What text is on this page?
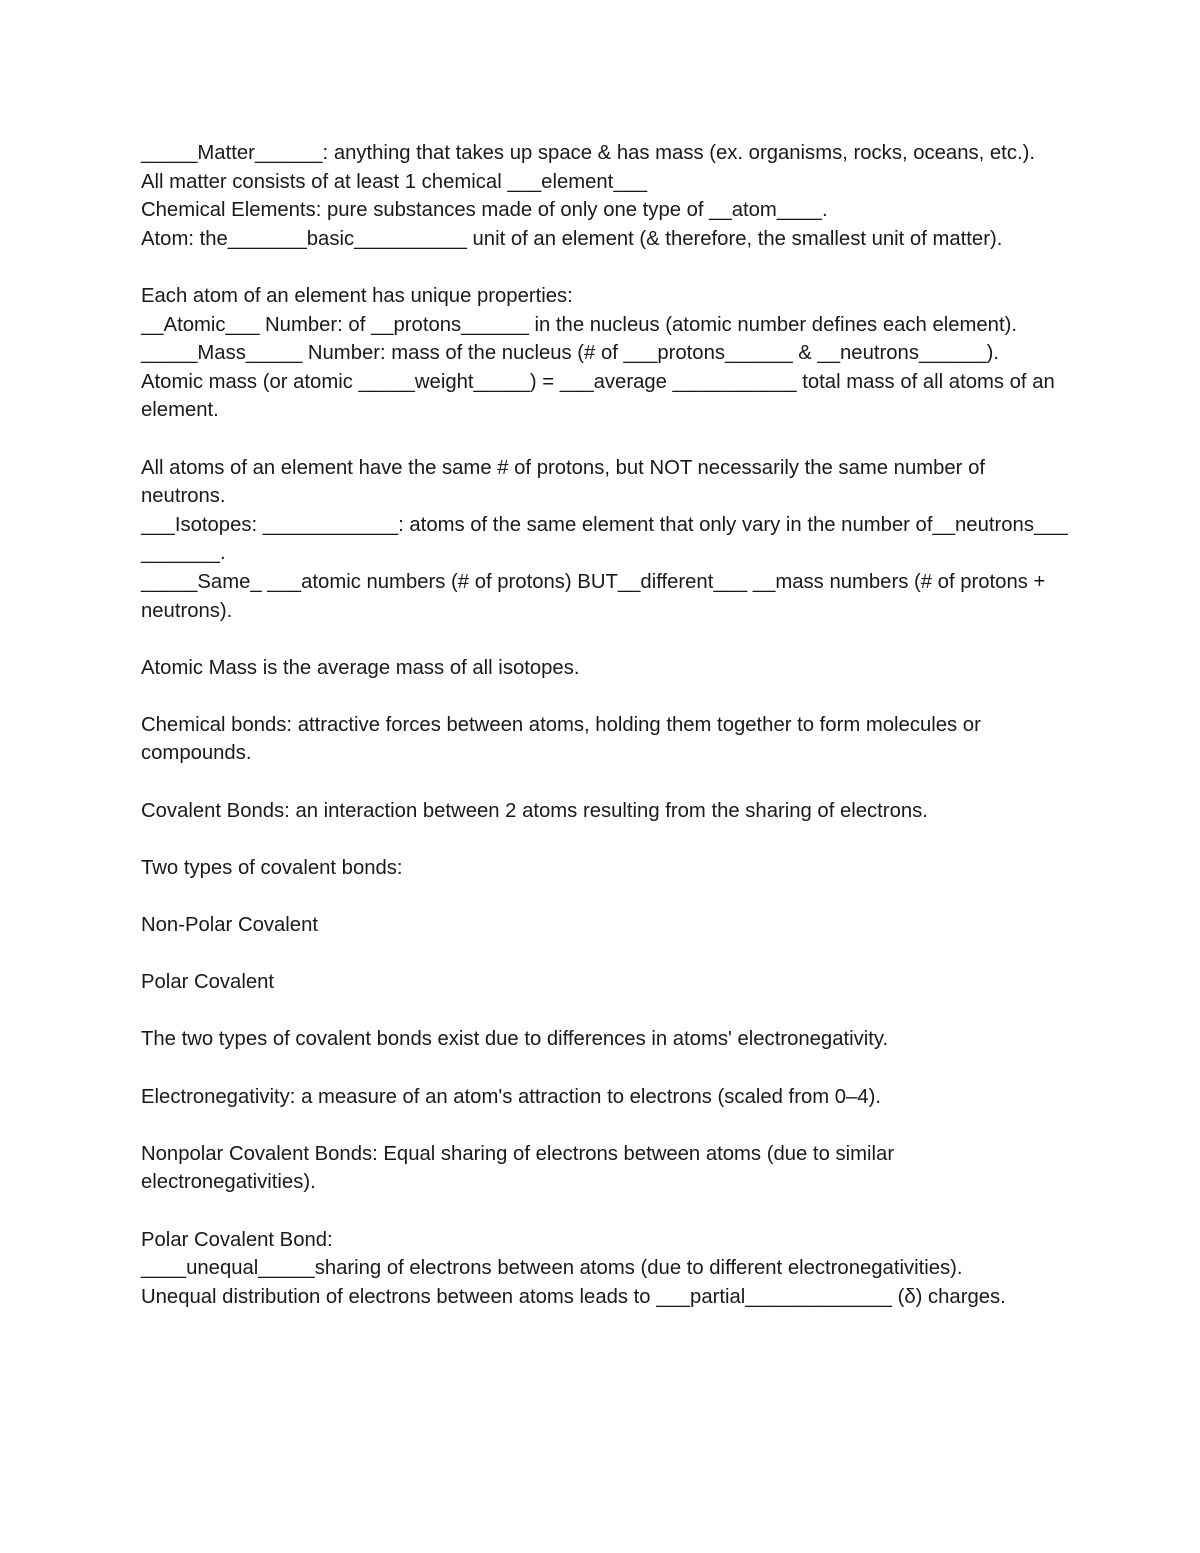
_____Matter______: anything that takes up space & has mass (ex. organisms, rocks, oceans, etc.).

All matter consists of at least 1 chemical ___element___

Chemical Elements: pure substances made of only one type of __atom____.

Atom: the_______basic__________ unit of an element (& therefore, the smallest unit of matter).

Each atom of an element has unique properties:

__Atomic___ Number: of __protons______ in the nucleus (atomic number defines each element).

_____Mass_____ Number: mass of the nucleus (# of ___protons______ & __neutrons______).

Atomic mass (or atomic _____weight_____) = ___average ___________ total mass of all atoms of an element.

All atoms of an element have the same # of protons, but NOT necessarily the same number of neutrons.

___Isotopes: ____________: atoms of the same element that only vary in the number of__neutrons___ _______.

_____Same_ ___atomic numbers (# of protons) BUT__different___ __mass numbers (# of protons + neutrons).

Atomic Mass is the average mass of all isotopes.

Chemical bonds: attractive forces between atoms, holding them together to form molecules or compounds.

Covalent Bonds: an interaction between 2 atoms resulting from the sharing of electrons.

Two types of covalent bonds:

Non-Polar Covalent

Polar Covalent

The two types of covalent bonds exist due to differences in atoms' electronegativity.

Electronegativity: a measure of an atom's attraction to electrons (scaled from 0–4).

Nonpolar Covalent Bonds: Equal sharing of electrons between atoms (due to similar electronegativities).

Polar Covalent Bond:

____unequal_____sharing of electrons between atoms (due to different electronegativities).

Unequal distribution of electrons between atoms leads to ___partial_____________ (δ) charges.
